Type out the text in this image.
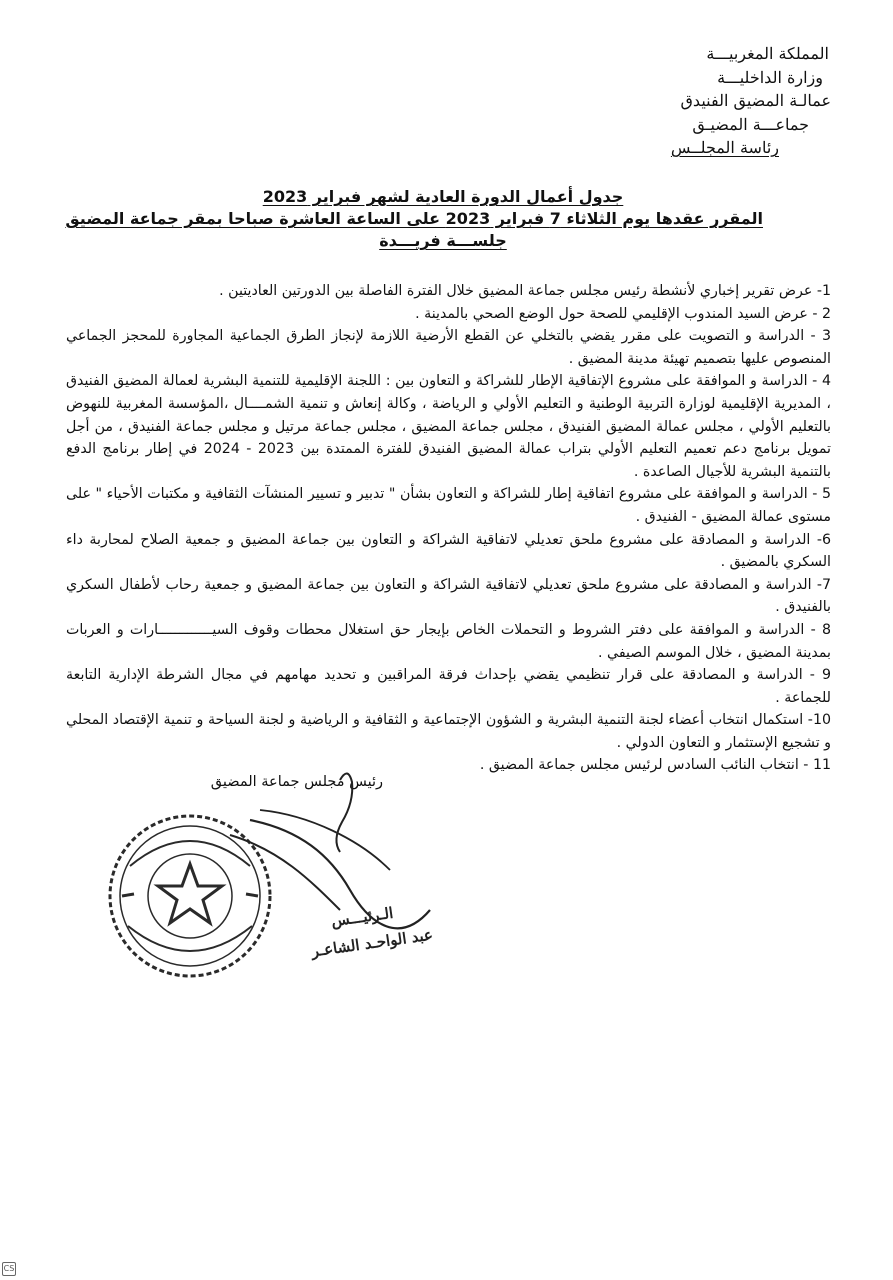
المملكة المغربيـــة
وزارة الداخليـــة
عمالـة المضيق الفنيدق
جماعـــة المضيـق
رئاسة المجلــس
جدول أعمال الدورة العادية لشهر فبراير 2023
المقرر عقدها يوم الثلاثاء 7 فبراير 2023 على الساعة العاشرة صباحا بمقر جماعة المضيق
جلســـة فريـــدة

1- عرض تقرير إخباري لأنشطة رئيس مجلس جماعة المضيق خلال الفترة الفاصلة بين الدورتين العاديتين .

2 - عرض السيد المندوب الإقليمي للصحة حول الوضع الصحي بالمدينة .

3 - الدراسة و التصويت على مقرر يقضي بالتخلي عن القطع الأرضية اللازمة لإنجاز الطرق الجماعية المجاورة للمحجز الجماعي المنصوص عليها بتصميم تهيئة مدينة المضيق .

4 - الدراسة و الموافقة على مشروع الإتفاقية الإطار للشراكة و التعاون بين : اللجنة الإقليمية للتنمية البشرية لعمالة المضيق الفنيدق ، المديرية الإقليمية لوزارة التربية الوطنية و التعليم الأولي و الرياضة ، وكالة إنعاش و تنمية الشمــــال ،المؤسسة المغربية للنهوض بالتعليم الأولي ، مجلس عمالة المضيق الفنيدق ، مجلس جماعة المضيق ، مجلس جماعة مرتيل و مجلس جماعة الفنيدق ، من أجل تمويل برنامج دعم تعميم التعليم الأولي بتراب عمالة المضيق الفنيدق للفترة الممتدة بين 2023 - 2024 في إطار برنامج الدفع بالتنمية البشرية للأجيال الصاعدة .

5 - الدراسة و الموافقة على مشروع اتفاقية إطار للشراكة و التعاون بشأن " تدبير و تسيير المنشآت الثقافية و مكتبات الأحياء " على مستوى عمالة المضيق - الفنيدق .

6- الدراسة و المصادقة على مشروع ملحق تعديلي لاتفاقية الشراكة و التعاون بين جماعة المضيق و جمعية الصلاح لمحاربة داء السكري بالمضيق .

7- الدراسة و المصادقة على مشروع ملحق تعديلي لاتفاقية الشراكة و التعاون بين جماعة المضيق و جمعية رحاب لأطفال السكري بالفنيدق .

8 - الدراسة و الموافقة على دفتر الشروط و التحملات الخاص بإيجار حق استغلال محطات وقوف السيـــــــــــــارات و العربات بمدينة المضيق ، خلال الموسم الصيفي .

9 - الدراسة و المصادقة على قرار تنظيمي يقضي بإحداث فرقة المراقبين و تحديد مهامهم في مجال الشرطة الإدارية التابعة للجماعة .

10- استكمال انتخاب أعضاء لجنة التنمية البشرية و الشؤون الإجتماعية و الثقافية و الرياضية و لجنة السياحة و تنمية الإقتصاد المحلي و تشجيع الإستثمار و التعاون الدولي .

11 - انتخاب النائب السادس لرئيس مجلس جماعة المضيق .

رئيس مجلس جماعة المضيق
الـرئيـــس
عبد الواحـد الشاعـر
CS
